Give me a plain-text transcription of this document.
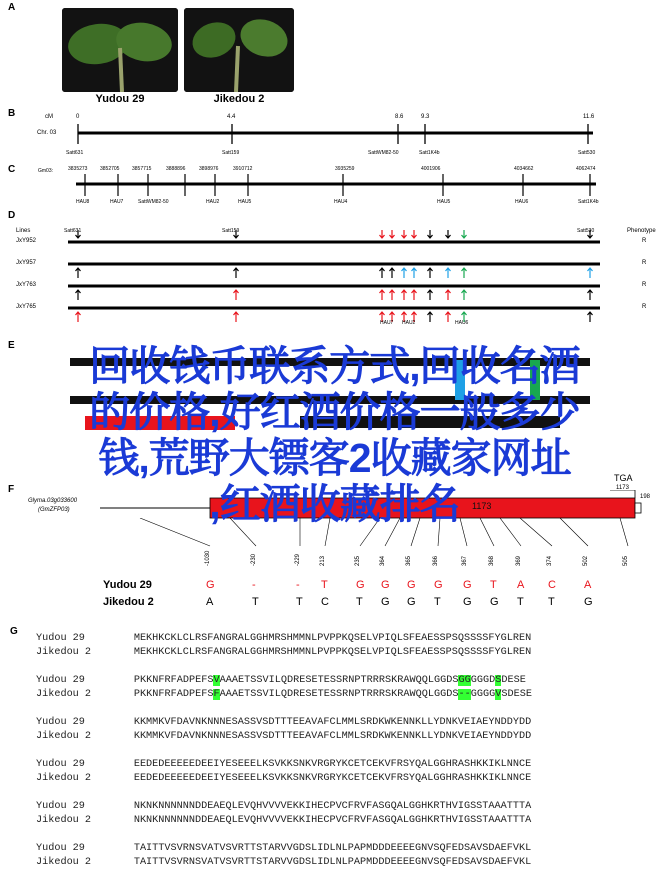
A
Yudou 29	Jikedou 2
B	cM
Chr. 03
0	4.4	8.6	9.3	11.6
Satt631	Satt159	SattWM82-50	Satt1K4b	Satt530
C	Gm03:	3835273	3852705	3857715	3888896	3898976	3910712	3935259	4001906	4034662	4062474
HAU8	HAU7	SattWM82-50	HAU2	HAU5	HAU4	HAU5	HAU6	Satt1K4b
D
Lines	Phenotype
Satt631	Satt159	Satt530
JxY952
JxY957
JxY763
JxY765
R
R
R
R
HAU7 HAU2	HAU6
E
F
Glyma.03g033600
(GmZFP03)
TGA
1173
198
1173
-1030	-230	-229	213	235	364	365	366	367	368	369	374	502	505
Yudou 29
Jikedou 2
G	-	- T	G G G G G T A C	A
A	T	T C T G G T G G T T	G
G
Yudou 29        MEKHKCKLCLRSFANGRALGGHMRSHMMNLPVPPKQSELVPIQLSFEAESSPSQSSSSFYGLREN
Jikedou 2       MEKHKCKLCLRSFANGRALGGHMRSHMMNLPVPPKQSELVPIQLSFEAESSPSQSSSSFYGLREN
Yudou 29        PKKNFRFADPEFSVAAAETSSVILQDRESETESSRNPTRRRSKRAWQQLGGDSGGGGGDSDESE
Jikedou 2       PKKNFRFADPEFSFAAAETSSVILQDRESETESSRNPTRRRSKRAWQQLGGDS--GGGGVSDESE
Yudou 29        KKMMKVFDAVNKNNNESASSVSDTTTEEAVAFCLMMLSRDKWKENNKLLYDNKVEIAEYNDDYDD
Jikedou 2       KKMMKVFDAVNKNNNESASSVSDTTTEEAVAFCLMMLSRDKWKENNKLLYDNKVEIAEYNDDYDD
Yudou 29        EEDEDEEEEEDEEIYESEEELKSVKKSNKVRGRYKCETCEKVFRSYQALGGHRASHKKIKLNNCE
Jikedou 2       EEDEDEEEEEDEEIYESEEELKSVKKSNKVRGRYKCETCEKVFRSYQALGGHRASHKKIKLNNCE
Yudou 29        NKNKNNNNNNDDEAEQLEVQHVVVVEKKIHECPVCFRVFASGQALGGHKRTHVIGSSTAAATTTA
Jikedou 2       NKNKNNNNNNDDEAEQLEVQHVVVVEKKIHECPVCFRVFASGQALGGHKRTHVIGSSTAAATTTA
Yudou 29        TAITTVSVRNSVATVSVRTTSTARVVGDSLIDLNLPAPMDDDEEEEGNVSQFEDSAVSDAEFVKL
Jikedou 2       TAITTVSVRNSVATVSVRTTSTARVVGDSLIDLNLPAPMDDDEEEEGNVSQFEDSAVSDAEFVKL
回收钱币联系方式,回收名酒
的价格,好红酒价格一般多少
钱,荒野大镖客2收藏家网址
,红酒收藏排名
